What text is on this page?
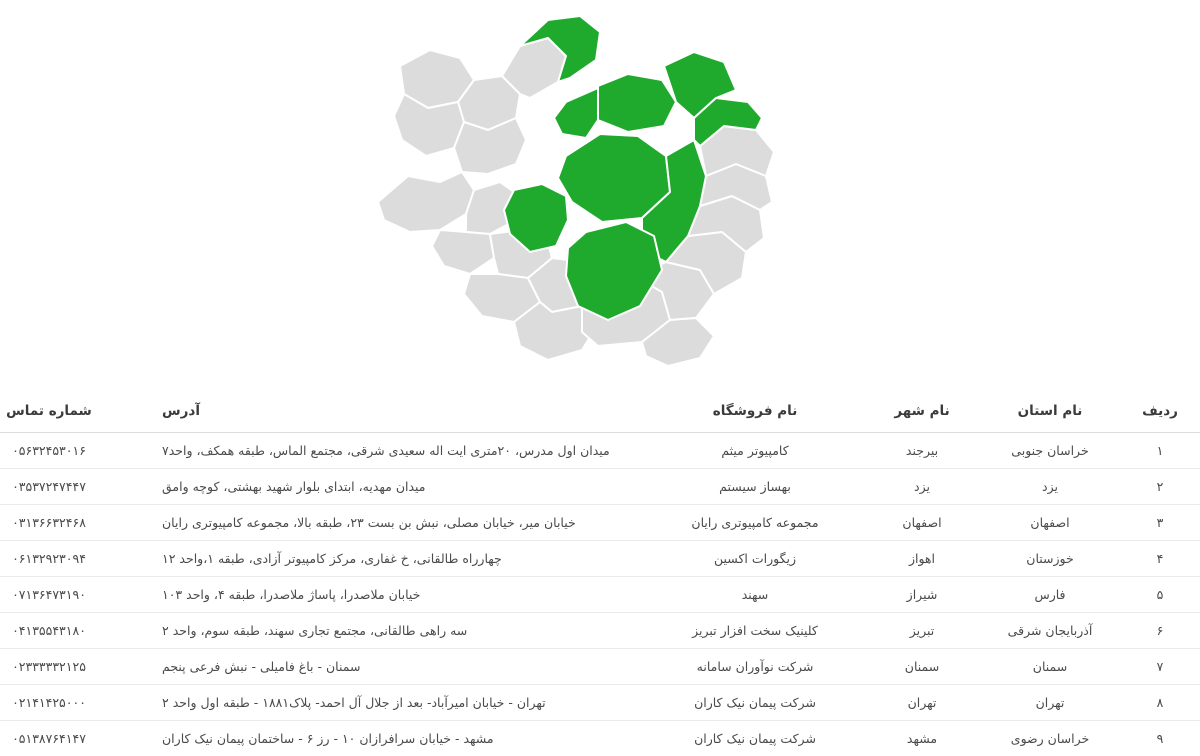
ردیف	نام استان	نام شهر	نام فروشگاه	آدرس	شماره تماس	
۱	خراسان جنوبی	بیرجند	کامپیوتر میثم	میدان اول مدرس، ۲۰متری ایت اله سعیدی شرقی، مجتمع الماس، طبقه همکف، واحد۷	۰۵۶۳۲۴۵۳۰۱۶	
۲	یزد	یزد	بهساز سیستم	میدان مهدیه، ابتدای بلوار شهید بهشتی، کوچه وامق	۰۳۵۳۷۲۴۷۴۴۷	
۳	اصفهان	اصفهان	مجموعه کامپیوتری رایان	خیابان میر، خیابان مصلی، نبش بن بست ۲۳، طبقه بالا، مجموعه کامپیوتری رایان	۰۳۱۳۶۶۳۲۴۶۸	
۴	خوزستان	اهواز	زیگورات اکسین	چهارراه طالقانی، خ غفاری، مرکز کامپیوتر آزادی، طبقه ۱،واحد ۱۲	۰۶۱۳۲۹۲۳۰۹۴	
۵	فارس	شیراز	سهند	خیابان ملاصدرا، پاساژ ملاصدرا، طبقه ۴، واحد ۱۰۳	۰۷۱۳۶۴۷۳۱۹۰	
۶	آذربایجان شرقی	تبریز	کلینیک سخت افزار تبریز	سه راهی طالقانی، مجتمع تجاری سهند، طبقه سوم، واحد ۲	۰۴۱۳۵۵۴۳۱۸۰	
۷	سمنان	سمنان	شرکت نوآوران سامانه	سمنان - باغ فامیلی - نبش فرعی پنجم	۰۲۳۳۳۳۳۲۱۲۵	
۸	تهران	تهران	شرکت پیمان نیک کاران	تهران - خیابان امیرآباد- بعد از جلال آل احمد- پلاک۱۸۸۱ - طبقه اول واحد ۲	۰۲۱۴۱۴۲۵۰۰۰	
۹	خراسان رضوی	مشهد	شرکت پیمان نیک کاران	مشهد - خیابان سرافرازان ۱۰ - رز ۶ - ساختمان پیمان نیک کاران	۰۵۱۳۸۷۶۴۱۴۷	
